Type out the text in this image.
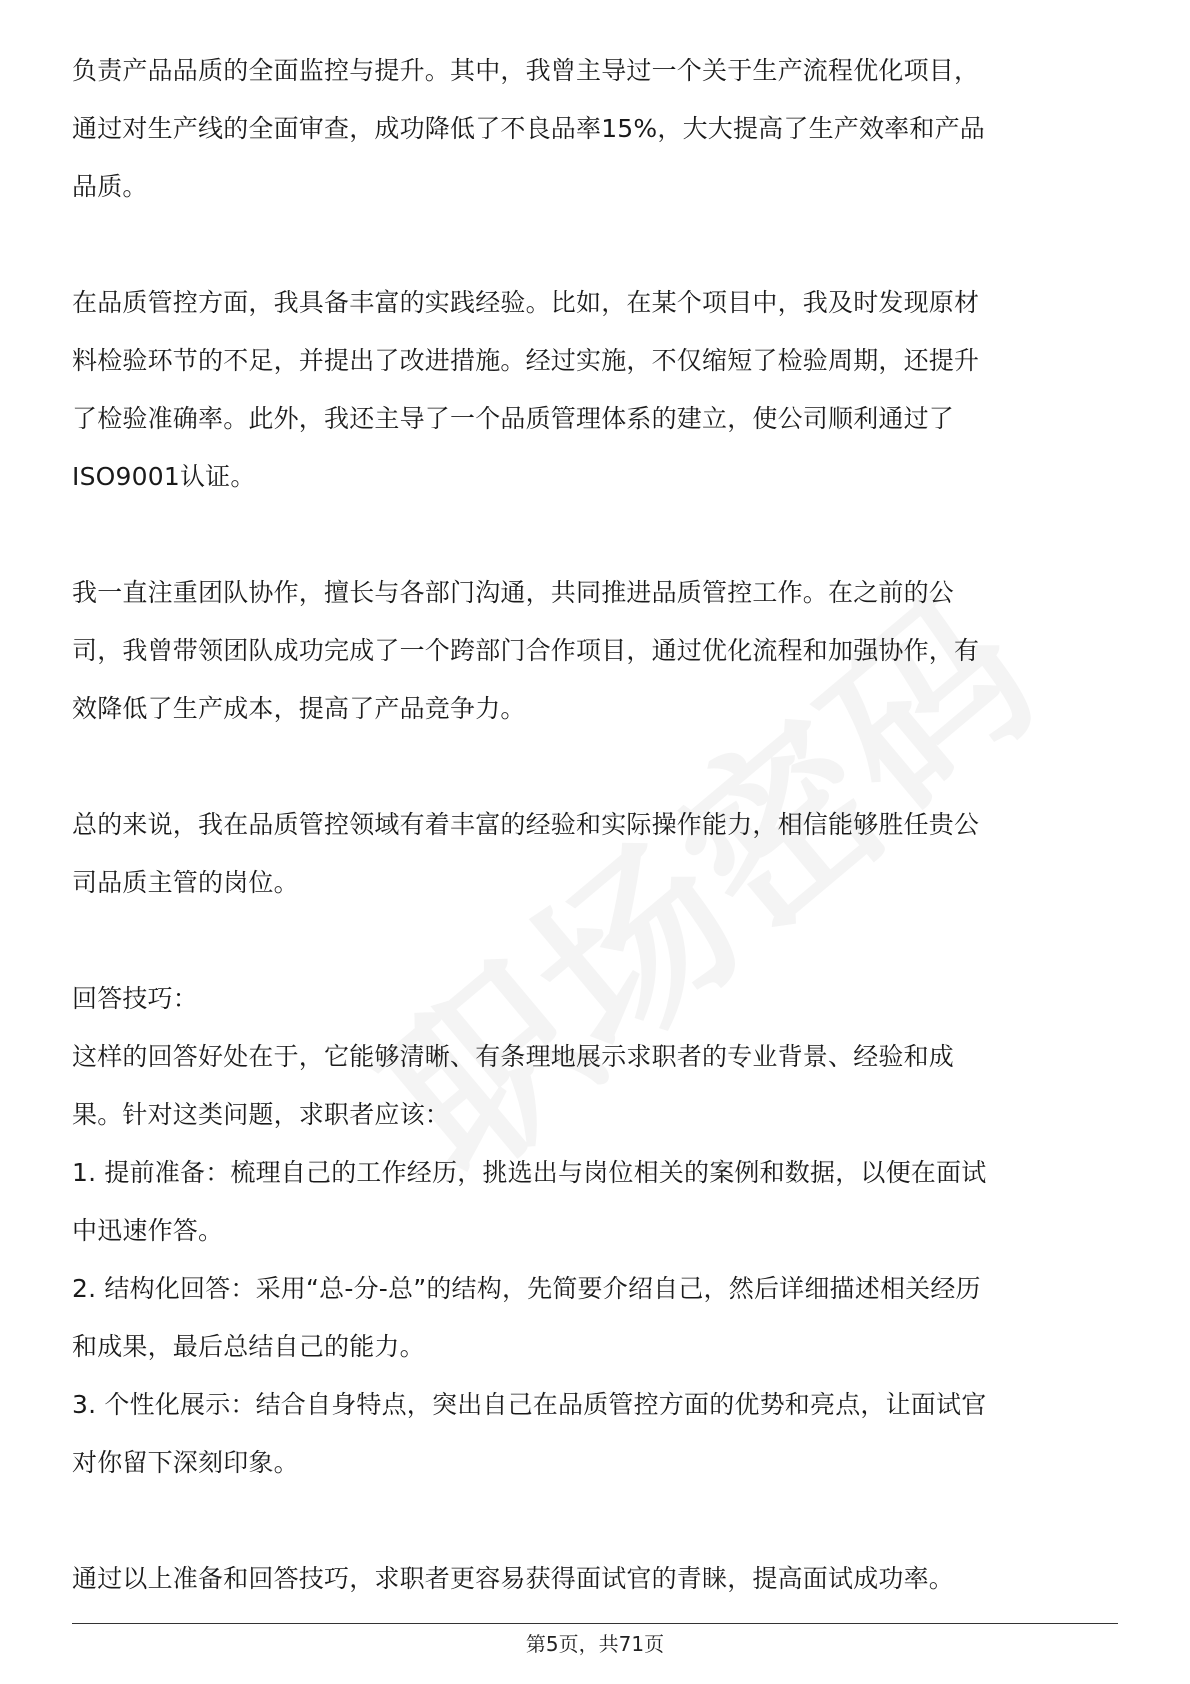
负责产品品质的全面监控与提升。其中，我曾主导过一个关于生产流程优化项目，
通过对生产线的全面审查，成功降低了不良品率15%，大大提高了生产效率和产品
品质。
在品质管控方面，我具备丰富的实践经验。比如，在某个项目中，我及时发现原材
料检验环节的不足，并提出了改进措施。经过实施，不仅缩短了检验周期，还提升
了检验准确率。此外，我还主导了一个品质管理体系的建立，使公司顺利通过了
ISO9001认证。
我一直注重团队协作，擅长与各部门沟通，共同推进品质管控工作。在之前的公
司，我曾带领团队成功完成了一个跨部门合作项目，通过优化流程和加强协作，有
效降低了生产成本，提高了产品竞争力。
总的来说，我在品质管控领域有着丰富的经验和实际操作能力，相信能够胜任贵公
司品质主管的岗位。
回答技巧：
这样的回答好处在于，它能够清晰、有条理地展示求职者的专业背景、经验和成
果。针对这类问题，求职者应该：
1. 提前准备：梳理自己的工作经历，挑选出与岗位相关的案例和数据，以便在面试
中迅速作答。
2. 结构化回答：采用“总-分-总”的结构，先简要介绍自己，然后详细描述相关经历
和成果，最后总结自己的能力。
3. 个性化展示：结合自身特点，突出自己在品质管控方面的优势和亮点，让面试官
对你留下深刻印象。
通过以上准备和回答技巧，求职者更容易获得面试官的青睐，提高面试成功率。
第5页，共71页
